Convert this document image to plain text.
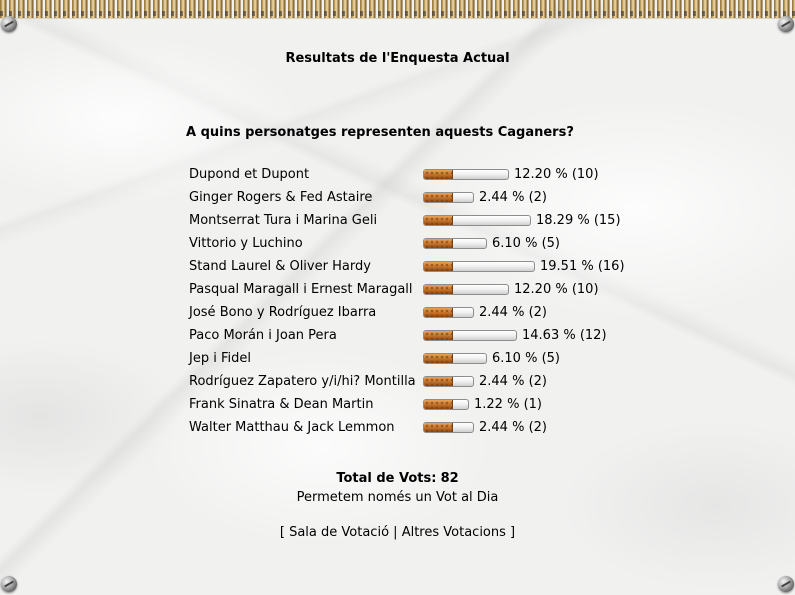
Resultats de l'Enquesta Actual
A quins personatges representen aquests Caganers?
Dupond et Dupont	12.20 % (10)
Ginger Rogers & Fed Astaire	2.44 % (2)
Montserrat Tura i Marina Geli	18.29 % (15)
Vittorio y Luchino	6.10 % (5)
Stand Laurel & Oliver Hardy	19.51 % (16)
Pasqual Maragall i Ernest Maragall	12.20 % (10)
José Bono y Rodríguez Ibarra	2.44 % (2)
Paco Morán i Joan Pera	14.63 % (12)
Jep i Fidel	6.10 % (5)
Rodríguez Zapatero y/i/hi? Montilla	2.44 % (2)
Frank Sinatra & Dean Martin	1.22 % (1)
Walter Matthau & Jack Lemmon	2.44 % (2)
Total de Vots: 82
Permetem només un Vot al Dia
[ Sala de Votació | Altres Votacions ]
